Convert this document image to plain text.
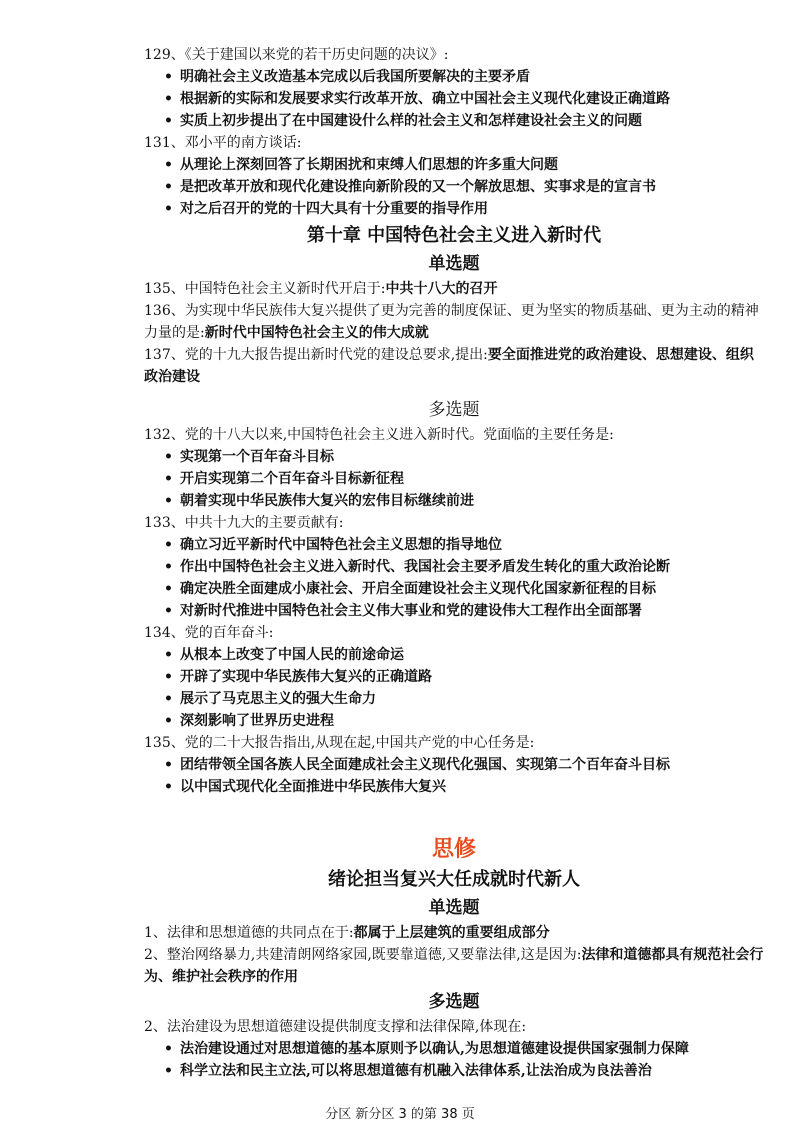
129、《关于建国以来党的若干历史问题的决议》:

• 明确社会主义改造基本完成以后我国所要解决的主要矛盾
• 根据新的实际和发展要求实行改革开放、确立中国社会主义现代化建设正确道路
• 实质上初步提出了在中国建设什么样的社会主义和怎样建设社会主义的问题

131、邓小平的南方谈话:

• 从理论上深刻回答了长期困扰和束缚人们思想的许多重大问题
• 是把改革开放和现代化建设推向新阶段的又一个解放思想、实事求是的宣言书
• 对之后召开的党的十四大具有十分重要的指导作用
第十章 中国特色社会主义进入新时代
单选题

135、中国特色社会主义新时代开启于:中共十八大的召开

136、为实现中华民族伟大复兴提供了更为完善的制度保证、更为坚实的物质基础、更为主动的精神力量的是:新时代中国特色社会主义的伟大成就

137、党的十九大报告提出新时代党的建设总要求,提出:要全面推进党的政治建设、思想建设、组织政治建设

多选题

132、党的十八大以来,中国特色社会主义进入新时代。党面临的主要任务是:

• 实现第一个百年奋斗目标
• 开启实现第二个百年奋斗目标新征程
• 朝着实现中华民族伟大复兴的宏伟目标继续前进

133、中共十九大的主要贡献有:

• 确立习近平新时代中国特色社会主义思想的指导地位
• 作出中国特色社会主义进入新时代、我国社会主要矛盾发生转化的重大政治论断
• 确定决胜全面建成小康社会、开启全面建设社会主义现代化国家新征程的目标
• 对新时代推进中国特色社会主义伟大事业和党的建设伟大工程作出全面部署

134、党的百年奋斗:

• 从根本上改变了中国人民的前途命运
• 开辟了实现中华民族伟大复兴的正确道路
• 展示了马克思主义的强大生命力
• 深刻影响了世界历史进程

135、党的二十大报告指出,从现在起,中国共产党的中心任务是:

• 团结带领全国各族人民全面建成社会主义现代化强国、实现第二个百年奋斗目标
• 以中国式现代化全面推进中华民族伟大复兴
思修
绪论担当复兴大任成就时代新人
单选题

1、法律和思想道德的共同点在于:都属于上层建筑的重要组成部分

2、整治网络暴力,共建清朗网络家园,既要靠道德,又要靠法律,这是因为:法律和道德都具有规范社会行为、维护社会秩序的作用

多选题

2、法治建设为思想道德建设提供制度支撑和法律保障,体现在:

• 法治建设通过对思想道德的基本原则予以确认,为思想道德建设提供国家强制力保障
• 科学立法和民主立法,可以将思想道德有机融入法律体系,让法治成为良法善治
分区 新分区 3 的第 38 页
